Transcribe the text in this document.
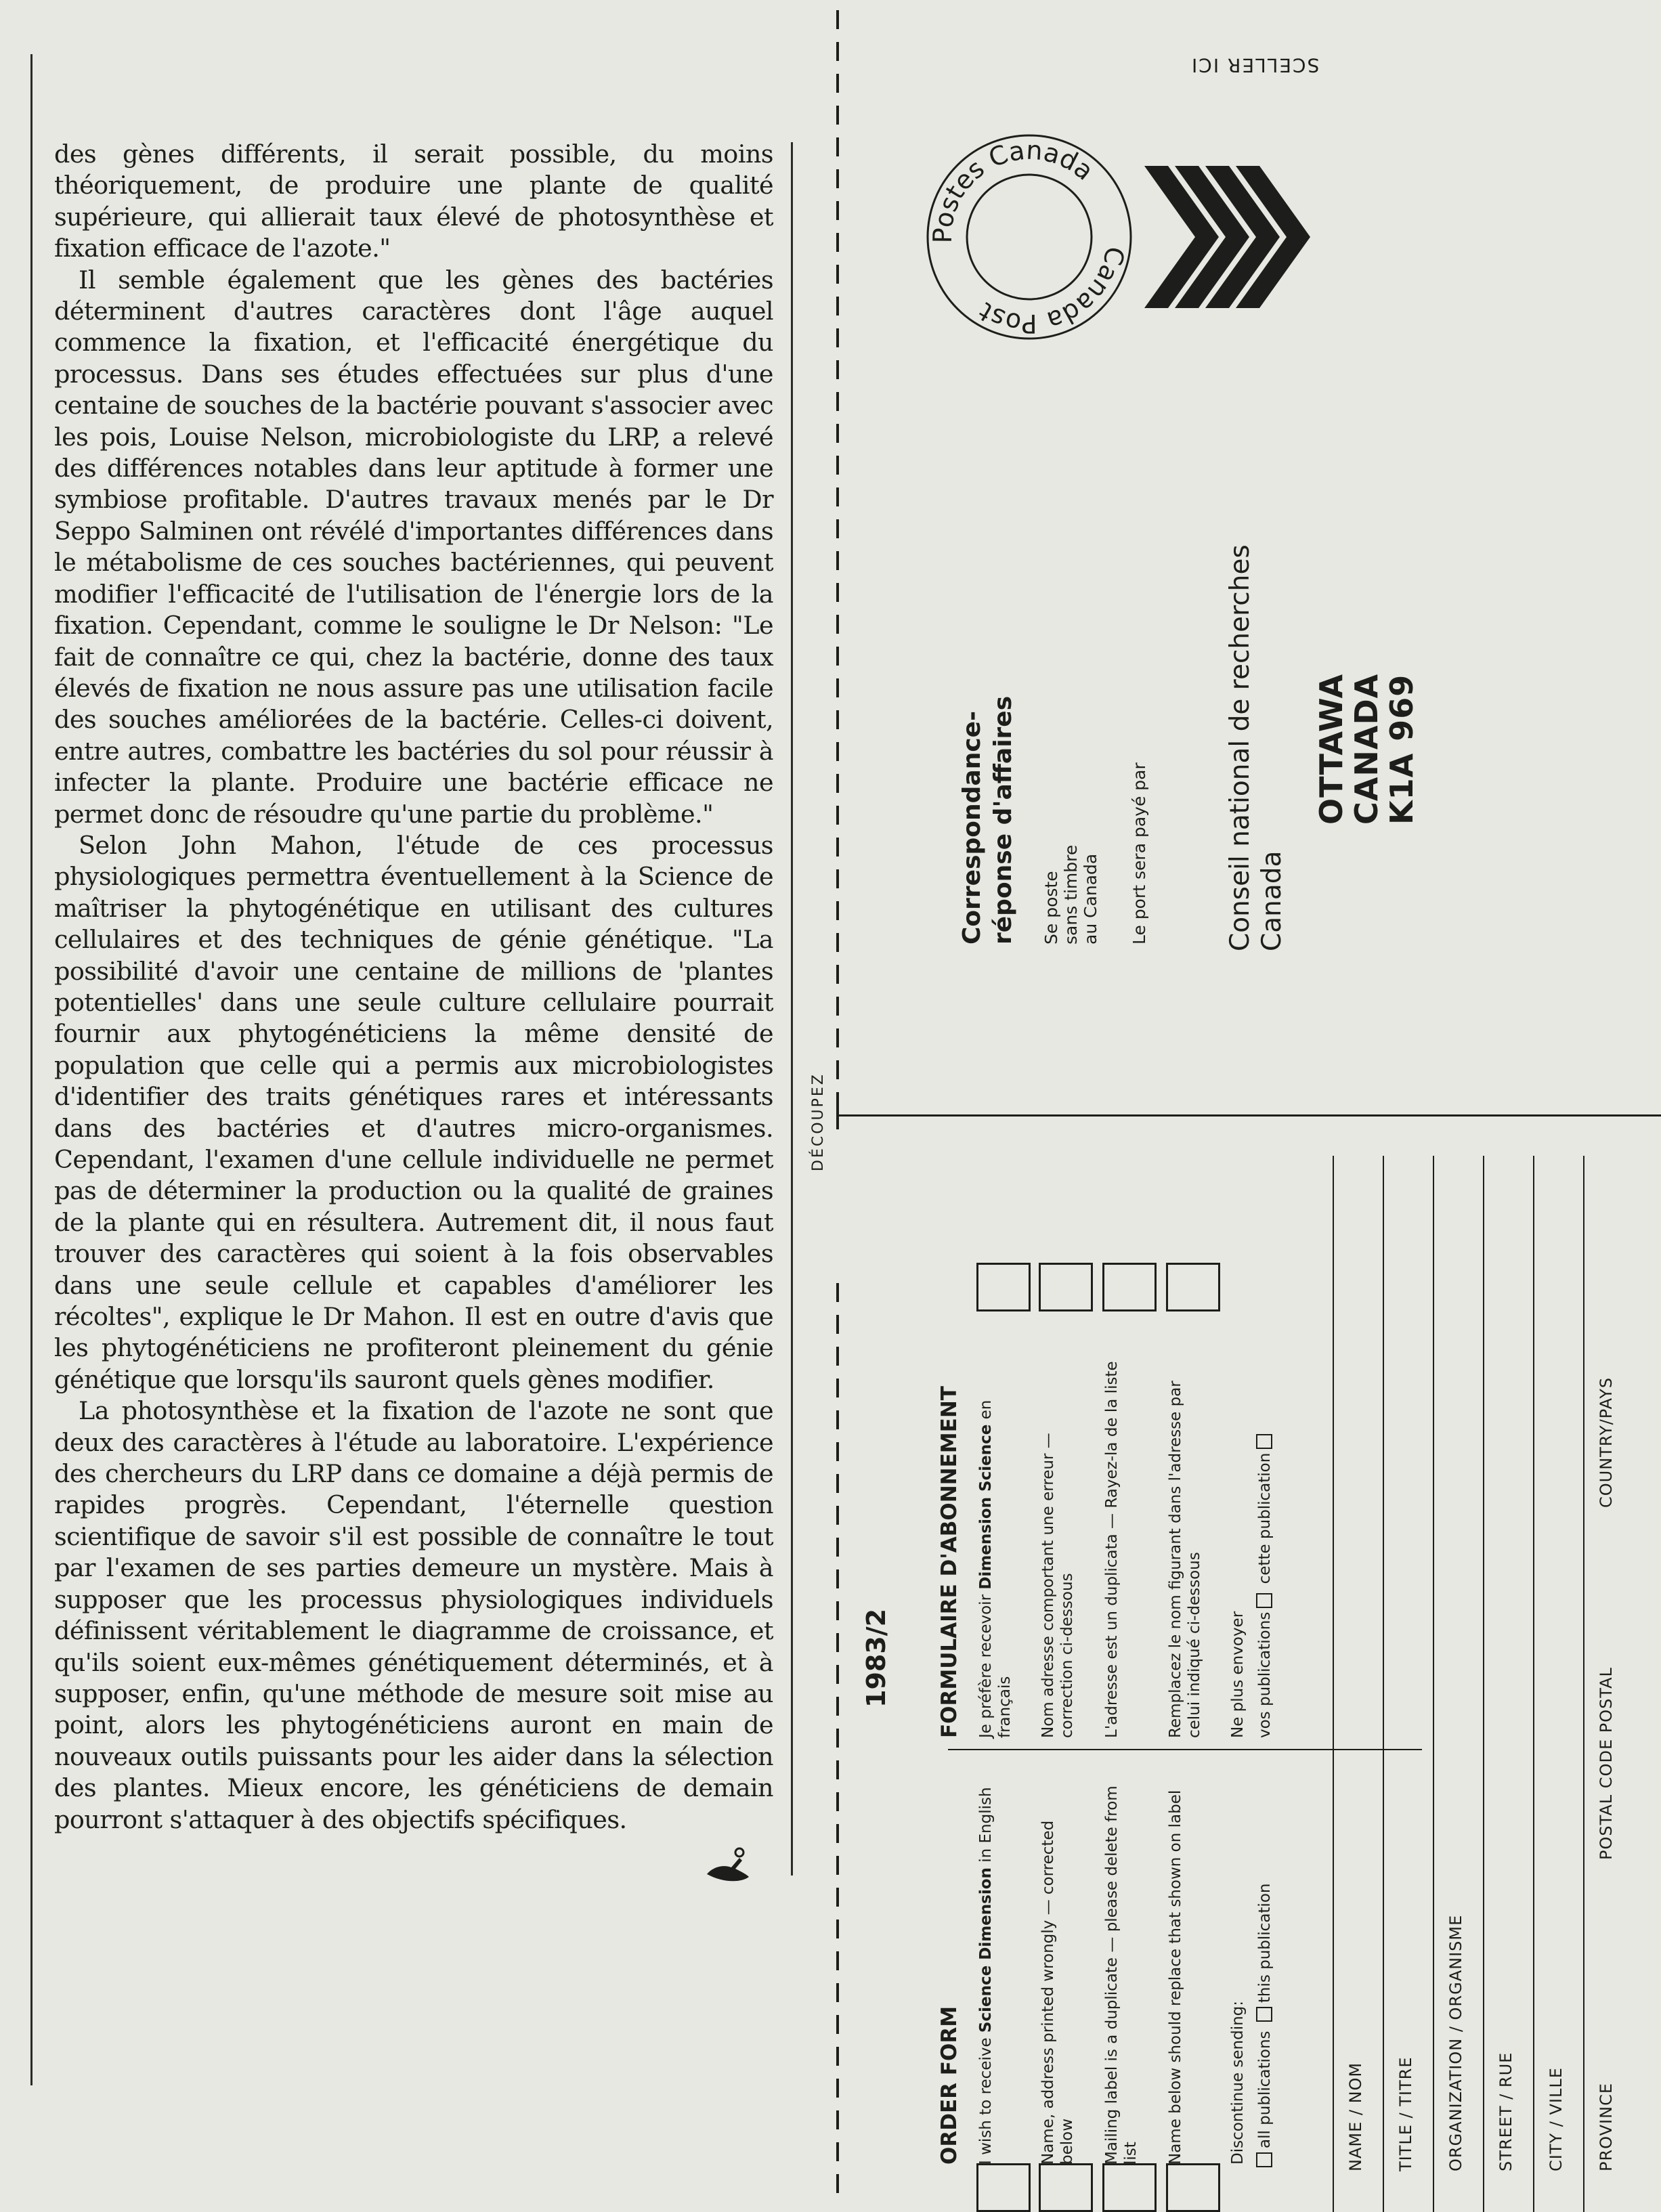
des gènes différents, il serait possible, du moins théoriquement, de produire une plante de qualité supérieure, qui allierait taux élevé de photosynthèse et fixation efficace de l'azote."

Il semble également que les gènes des bactéries déterminent d'autres caractères dont l'âge auquel commence la fixation, et l'efficacité énergétique du processus. Dans ses études effectuées sur plus d'une centaine de souches de la bactérie pouvant s'associer avec les pois, Louise Nelson, microbiologiste du LRP, a relevé des différences notables dans leur aptitude à former une symbiose profitable. D'autres travaux menés par le Dr Seppo Salminen ont révélé d'importantes différences dans le métabolisme de ces souches bactériennes, qui peuvent modifier l'efficacité de l'utilisation de l'énergie lors de la fixation. Cependant, comme le souligne le Dr Nelson: "Le fait de connaître ce qui, chez la bactérie, donne des taux élevés de fixation ne nous assure pas une utilisation facile des souches améliorées de la bactérie. Celles-ci doivent, entre autres, combattre les bactéries du sol pour réussir à infecter la plante. Produire une bactérie efficace ne permet donc de résoudre qu'une partie du problème."

Selon John Mahon, l'étude de ces processus physiologiques permettra éventuellement à la Science de maîtriser la phytogénétique en utilisant des cultures cellulaires et des techniques de génie génétique. "La possibilité d'avoir une centaine de millions de 'plantes potentielles' dans une seule culture cellulaire pourrait fournir aux phytogénéticiens la même densité de population que celle qui a permis aux microbiologistes d'identifier des traits génétiques rares et intéressants dans des bactéries et d'autres micro-organismes. Cependant, l'examen d'une cellule individuelle ne permet pas de déterminer la production ou la qualité de graines de la plante qui en résultera. Autrement dit, il nous faut trouver des caractères qui soient à la fois observables dans une seule cellule et capables d'améliorer les récoltes", explique le Dr Mahon. Il est en outre d'avis que les phytogénéticiens ne profiteront pleinement du génie génétique que lorsqu'ils sauront quels gènes modifier.

La photosynthèse et la fixation de l'azote ne sont que deux des caractères à l'étude au laboratoire. L'expérience des chercheurs du LRP dans ce domaine a déjà permis de rapides progrès. Cependant, l'éternelle question scientifique de savoir s'il est possible de connaître le tout par l'examen de ses parties demeure un mystère. Mais à supposer que les processus physiologiques individuels définissent véritablement le diagramme de croissance, et qu'ils soient eux-mêmes génétiquement déterminés, et à supposer, enfin, qu'une méthode de mesure soit mise au point, alors les phytogénéticiens auront en main de nouveaux outils puissants pour les aider dans la sélection des plantes. Mieux encore, les généticiens de demain pourront s'attaquer à des objectifs spécifiques.

DÉCOUPEZ
SCELLER ICI
Postes Canada
Canada Post
Correspondance- réponse d'affaires Se poste sans timbre au Canada Le port sera payé par	Conseil national de recherches Canada
OTTAWA
CANADA
K1A 969
1983/2
ORDER FORM
FORMULAIRE D'ABONNEMENT
I wish to receive Science Dimension in English
Je préfère recevoir Dimension Science en français
Name, address printed wrongly — corrected below
Nom adresse comportant une erreur — correction ci-dessous
Mailing label is a duplicate — please delete from list
L'adresse est un duplicata — Rayez-la de la liste
Name below should replace that shown on label
Remplacez le nom figurant dans l'adresse par celui indiqué ci-dessous
Discontinue sending: all publications this publication
Ne plus envoyer vos publications cette publication
NAME / NOM TITLE / TITRE ORGANIZATION / ORGANISME STREET / RUE CITY / VILLE PROVINCE
POSTAL CODE POSTAL
COUNTRY/PAYS
